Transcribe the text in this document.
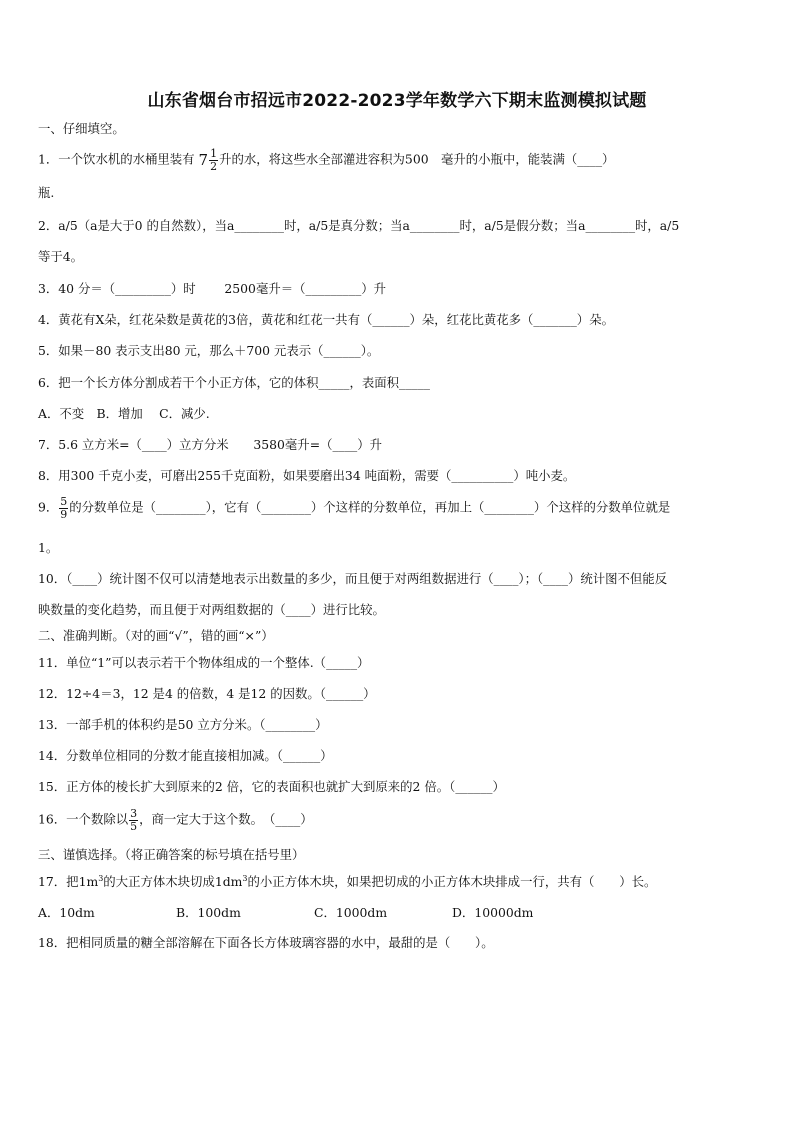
山东省烟台市招远市2022-2023学年数学六下期末监测模拟试题
一、仔细填空。
1．一个饮水机的水桶里装有 $7 \frac{1}{2}$ 升的水，将这些水全部灌进容积为500　毫升的小瓶中，能装满（____）
瓶.
2．a/5（a是大于0 的自然数），当a________时，a/5是真分数；当a________时，a/5是假分数；当a________时，a/5
等于4。
3．40 分＝（_________）时　　 2500毫升＝（_________）升
4．黄花有X朵，红花朵数是黄花的3倍，黄花和红花一共有（______）朵，红花比黄花多（_______）朵。
5．如果－80 表示支出80 元，那么＋700 元表示（______）。
6．把一个长方体分割成若干个小正方体，它的体积_____，表面积_____
A．不变　B．增加　 C．减少.
7．5.6 立方米=（____）立方分米　　3580毫升=（____）升
8．用300 千克小麦，可磨出255千克面粉，如果要磨出34 吨面粉，需要（__________）吨小麦。
9． $\frac{5}{9}$ 的分数单位是（________），它有（________）个这样的分数单位，再加上（________）个这样的分数单位就是
1。
10．（____）统计图不仅可以清楚地表示出数量的多少，而且便于对两组数据进行（____）；（____）统计图不但能反
映数量的变化趋势，而且便于对两组数据的（____）进行比较。
二、准确判断。（对的画“√”，错的画“×”）
11．单位“1”可以表示若干个物体组成的一个整体.（_____）
12．12÷4＝3，12 是4 的倍数，4 是12 的因数。（______）
13．一部手机的体积约是50 立方分米。（________）
14．分数单位相同的分数才能直接相加减。（______）
15．正方体的棱长扩大到原来的2 倍，它的表面积也就扩大到原来的2 倍。（______）
16．一个数除以 $\frac{3}{5}$ ，商一定大于这个数。　（____）
三、谨慎选择。（将正确答案的标号填在括号里）
17．把$1m^3$的大正方体木块切成$1dm^3$的小正方体木块，如果把切成的小正方体木块排成一行，共有（　　）长。
A．10dm	B．100dm	C．1000dm	D．10000dm
18．把相同质量的糖全部溶解在下面各长方体玻璃容器的水中，最甜的是（　　）。
